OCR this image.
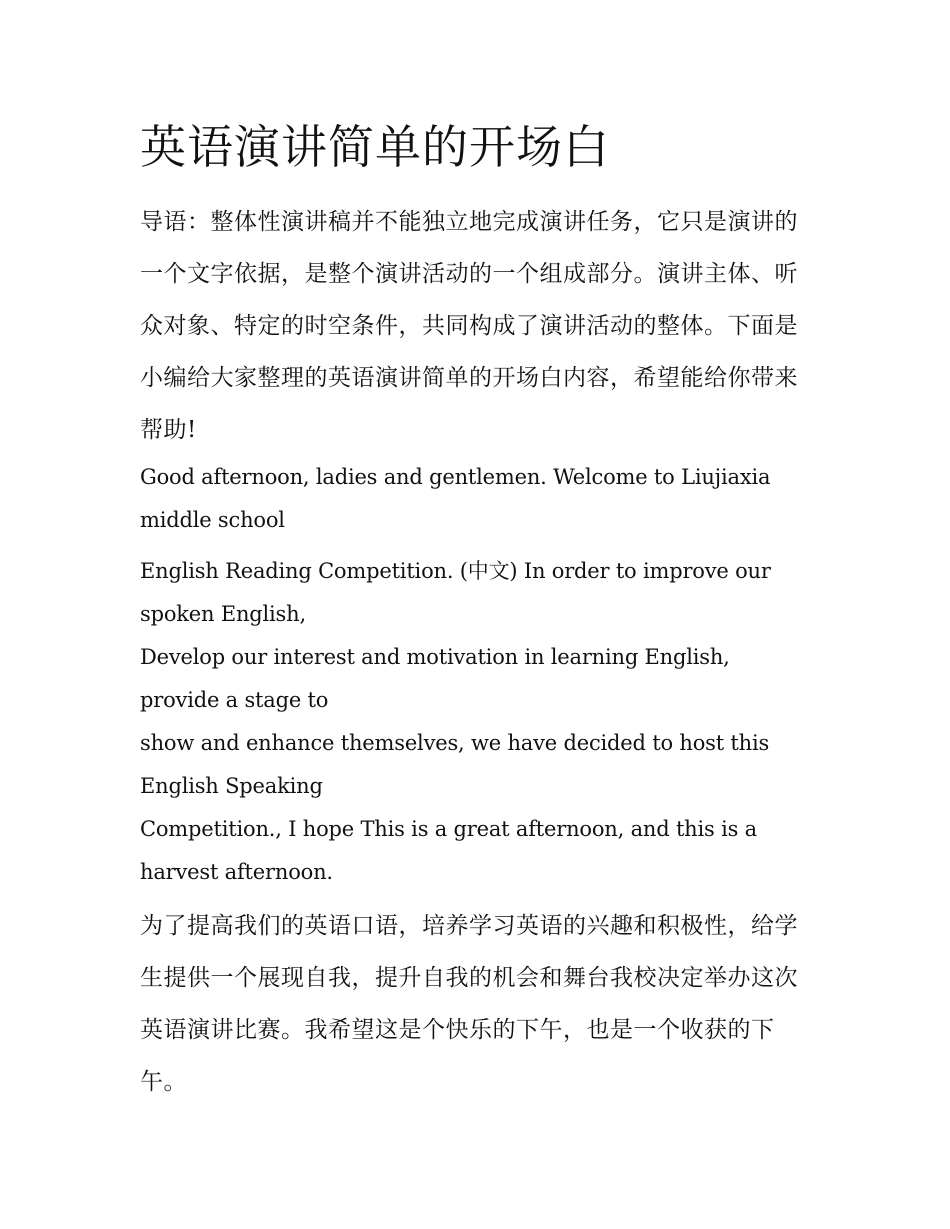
英语演讲简单的开场白

导语：整体性演讲稿并不能独立地完成演讲任务，它只是演讲的一个文字依据，是整个演讲活动的一个组成部分。演讲主体、听众对象、特定的时空条件，共同构成了演讲活动的整体。下面是小编给大家整理的英语演讲简单的开场白内容，希望能给你带来帮助!

Good afternoon, ladies and gentlemen. Welcome to Liujiaxia middle school

English Reading Competition. (中文) In order to improve our spoken English,

Develop our interest and motivation in learning English, provide a stage to

show and enhance themselves, we have decided to host this English Speaking

Competition., I hope This is a great afternoon, and this is a harvest afternoon.

为了提高我们的英语口语，培养学习英语的兴趣和积极性，给学生提供一个展现自我，提升自我的机会和舞台我校决定举办这次英语演讲比赛。我希望这是个快乐的下午，也是一个收获的下午。
